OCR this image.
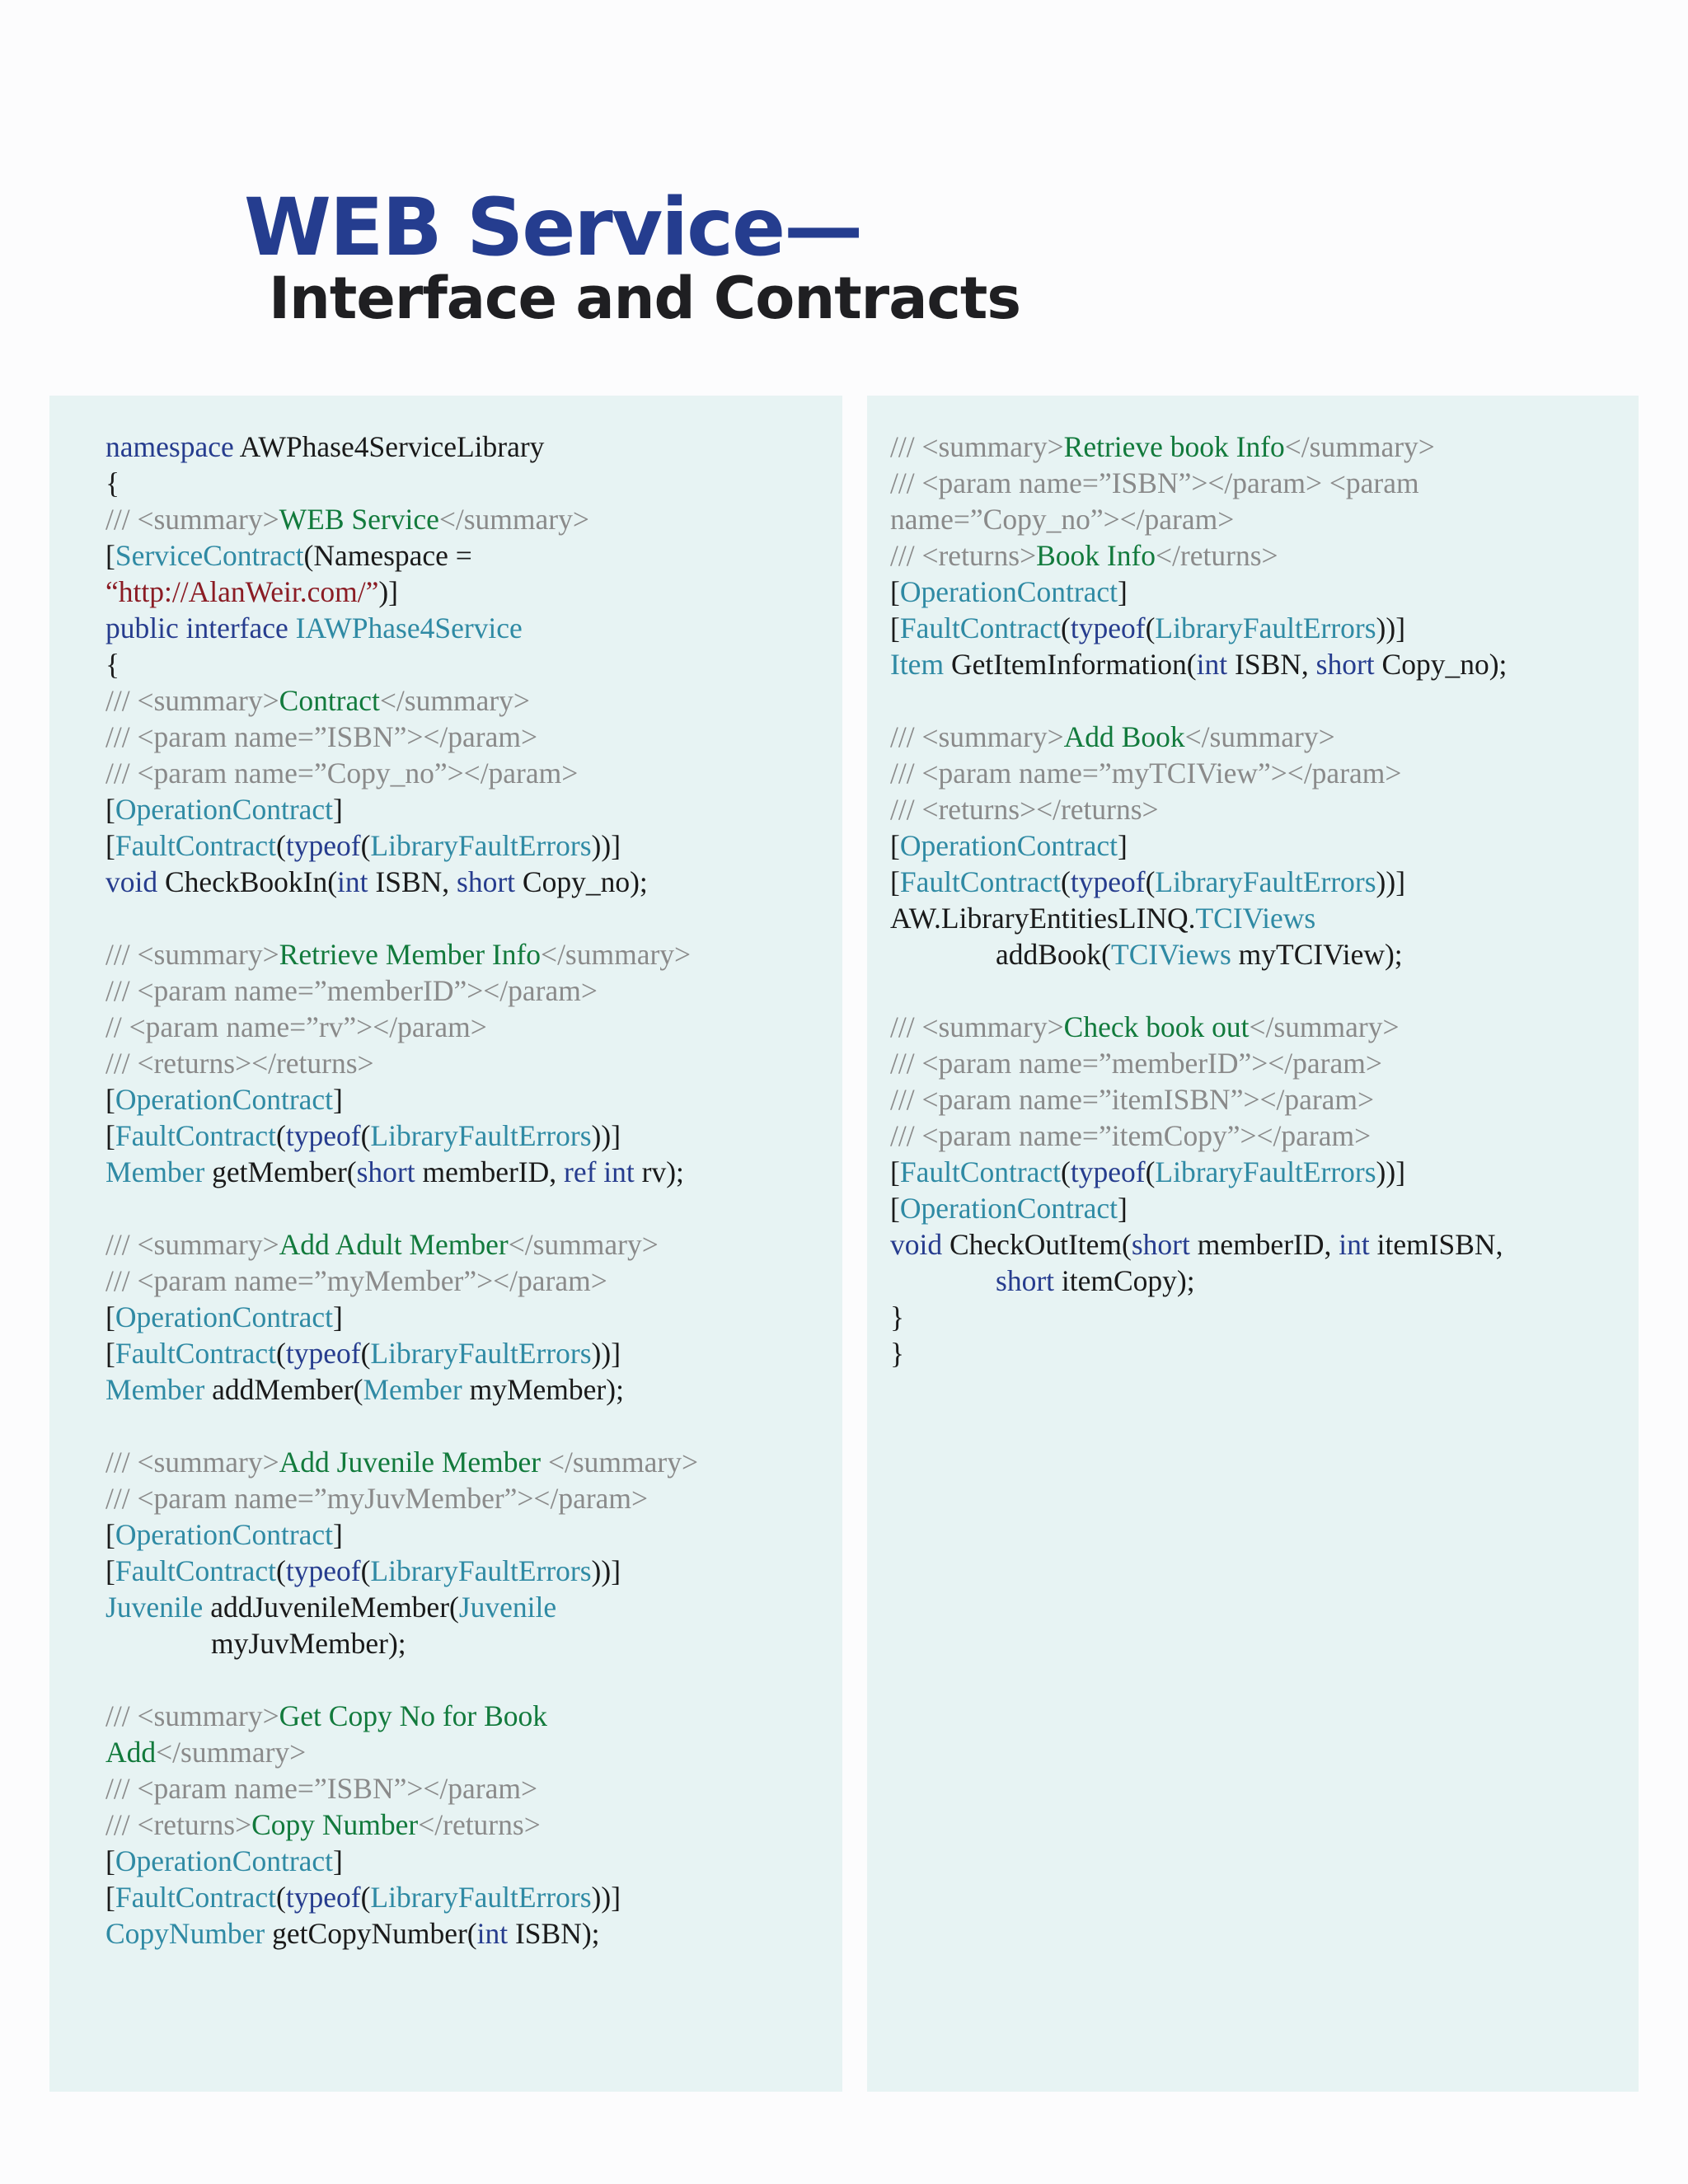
WEB Service—
Interface and Contracts
namespace AWPhase4ServiceLibrary
{
/// <summary>WEB Service</summary>
[ServiceContract(Namespace =
“http://AlanWeir.com/”)]
public interface IAWPhase4Service
{
/// <summary>Contract</summary>
/// <param name=”ISBN”></param>
/// <param name=”Copy_no”></param>
[OperationContract]
[FaultContract(typeof(LibraryFaultErrors))]
void CheckBookIn(int ISBN, short Copy_no);
/// <summary>Retrieve Member Info</summary>
/// <param name=”memberID”></param>
// <param name=”rv”></param>
/// <returns></returns>
[OperationContract]
[FaultContract(typeof(LibraryFaultErrors))]
Member getMember(short memberID, ref int rv);
/// <summary>Add Adult Member</summary>
/// <param name=”myMember”></param>
[OperationContract]
[FaultContract(typeof(LibraryFaultErrors))]
Member addMember(Member myMember);
/// <summary>Add Juvenile Member </summary>
/// <param name=”myJuvMember”></param>
[OperationContract]
[FaultContract(typeof(LibraryFaultErrors))]
Juvenile addJuvenileMember(Juvenile
myJuvMember);
/// <summary>Get Copy No for Book
Add</summary>
/// <param name=”ISBN”></param>
/// <returns>Copy Number</returns>
[OperationContract]
[FaultContract(typeof(LibraryFaultErrors))]
CopyNumber getCopyNumber(int ISBN);
/// <summary>Retrieve book Info</summary>
/// <param name=”ISBN”></param> <param
name=”Copy_no”></param>
/// <returns>Book Info</returns>
[OperationContract]
[FaultContract(typeof(LibraryFaultErrors))]
Item GetItemInformation(int ISBN, short Copy_no);
/// <summary>Add Book</summary>
/// <param name=”myTCIView”></param>
/// <returns></returns>
[OperationContract]
[FaultContract(typeof(LibraryFaultErrors))]
AW.LibraryEntitiesLINQ.TCIViews
addBook(TCIViews myTCIView);
/// <summary>Check book out</summary>
/// <param name=”memberID”></param>
/// <param name=”itemISBN”></param>
/// <param name=”itemCopy”></param>
[FaultContract(typeof(LibraryFaultErrors))]
[OperationContract]
void CheckOutItem(short memberID, int itemISBN,
short itemCopy);
}
}
